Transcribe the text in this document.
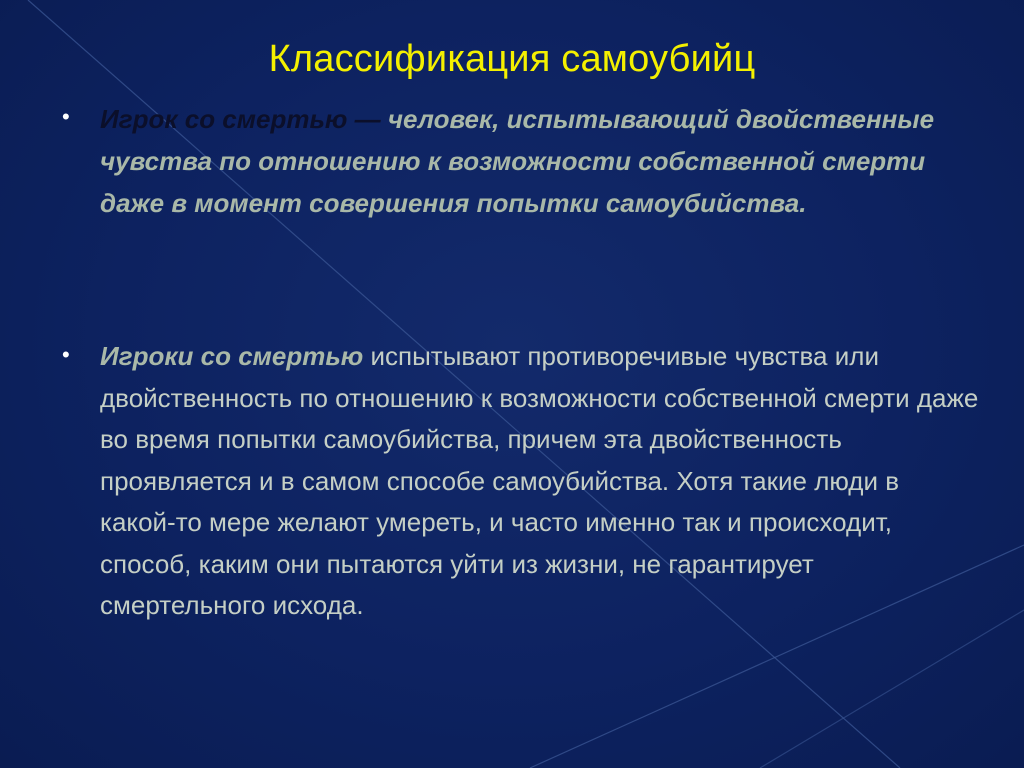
Классификация самоубийц
• Игрок со смертью — человек, испытывающий двойственные чувства по отношению к возможности собственной смерти даже в момент совершения попытки самоубийства.
• Игроки со смертью испытывают противоречивые чувства или двойственность по отношению к возможности собственной смерти даже во время попытки самоубийства, причем эта двойственность проявляется и в самом способе самоубийства. Хотя такие люди в какой-то мере желают умереть, и часто именно так и происходит, способ, каким они пытаются уйти из жизни, не гарантирует смертельного исхода.
